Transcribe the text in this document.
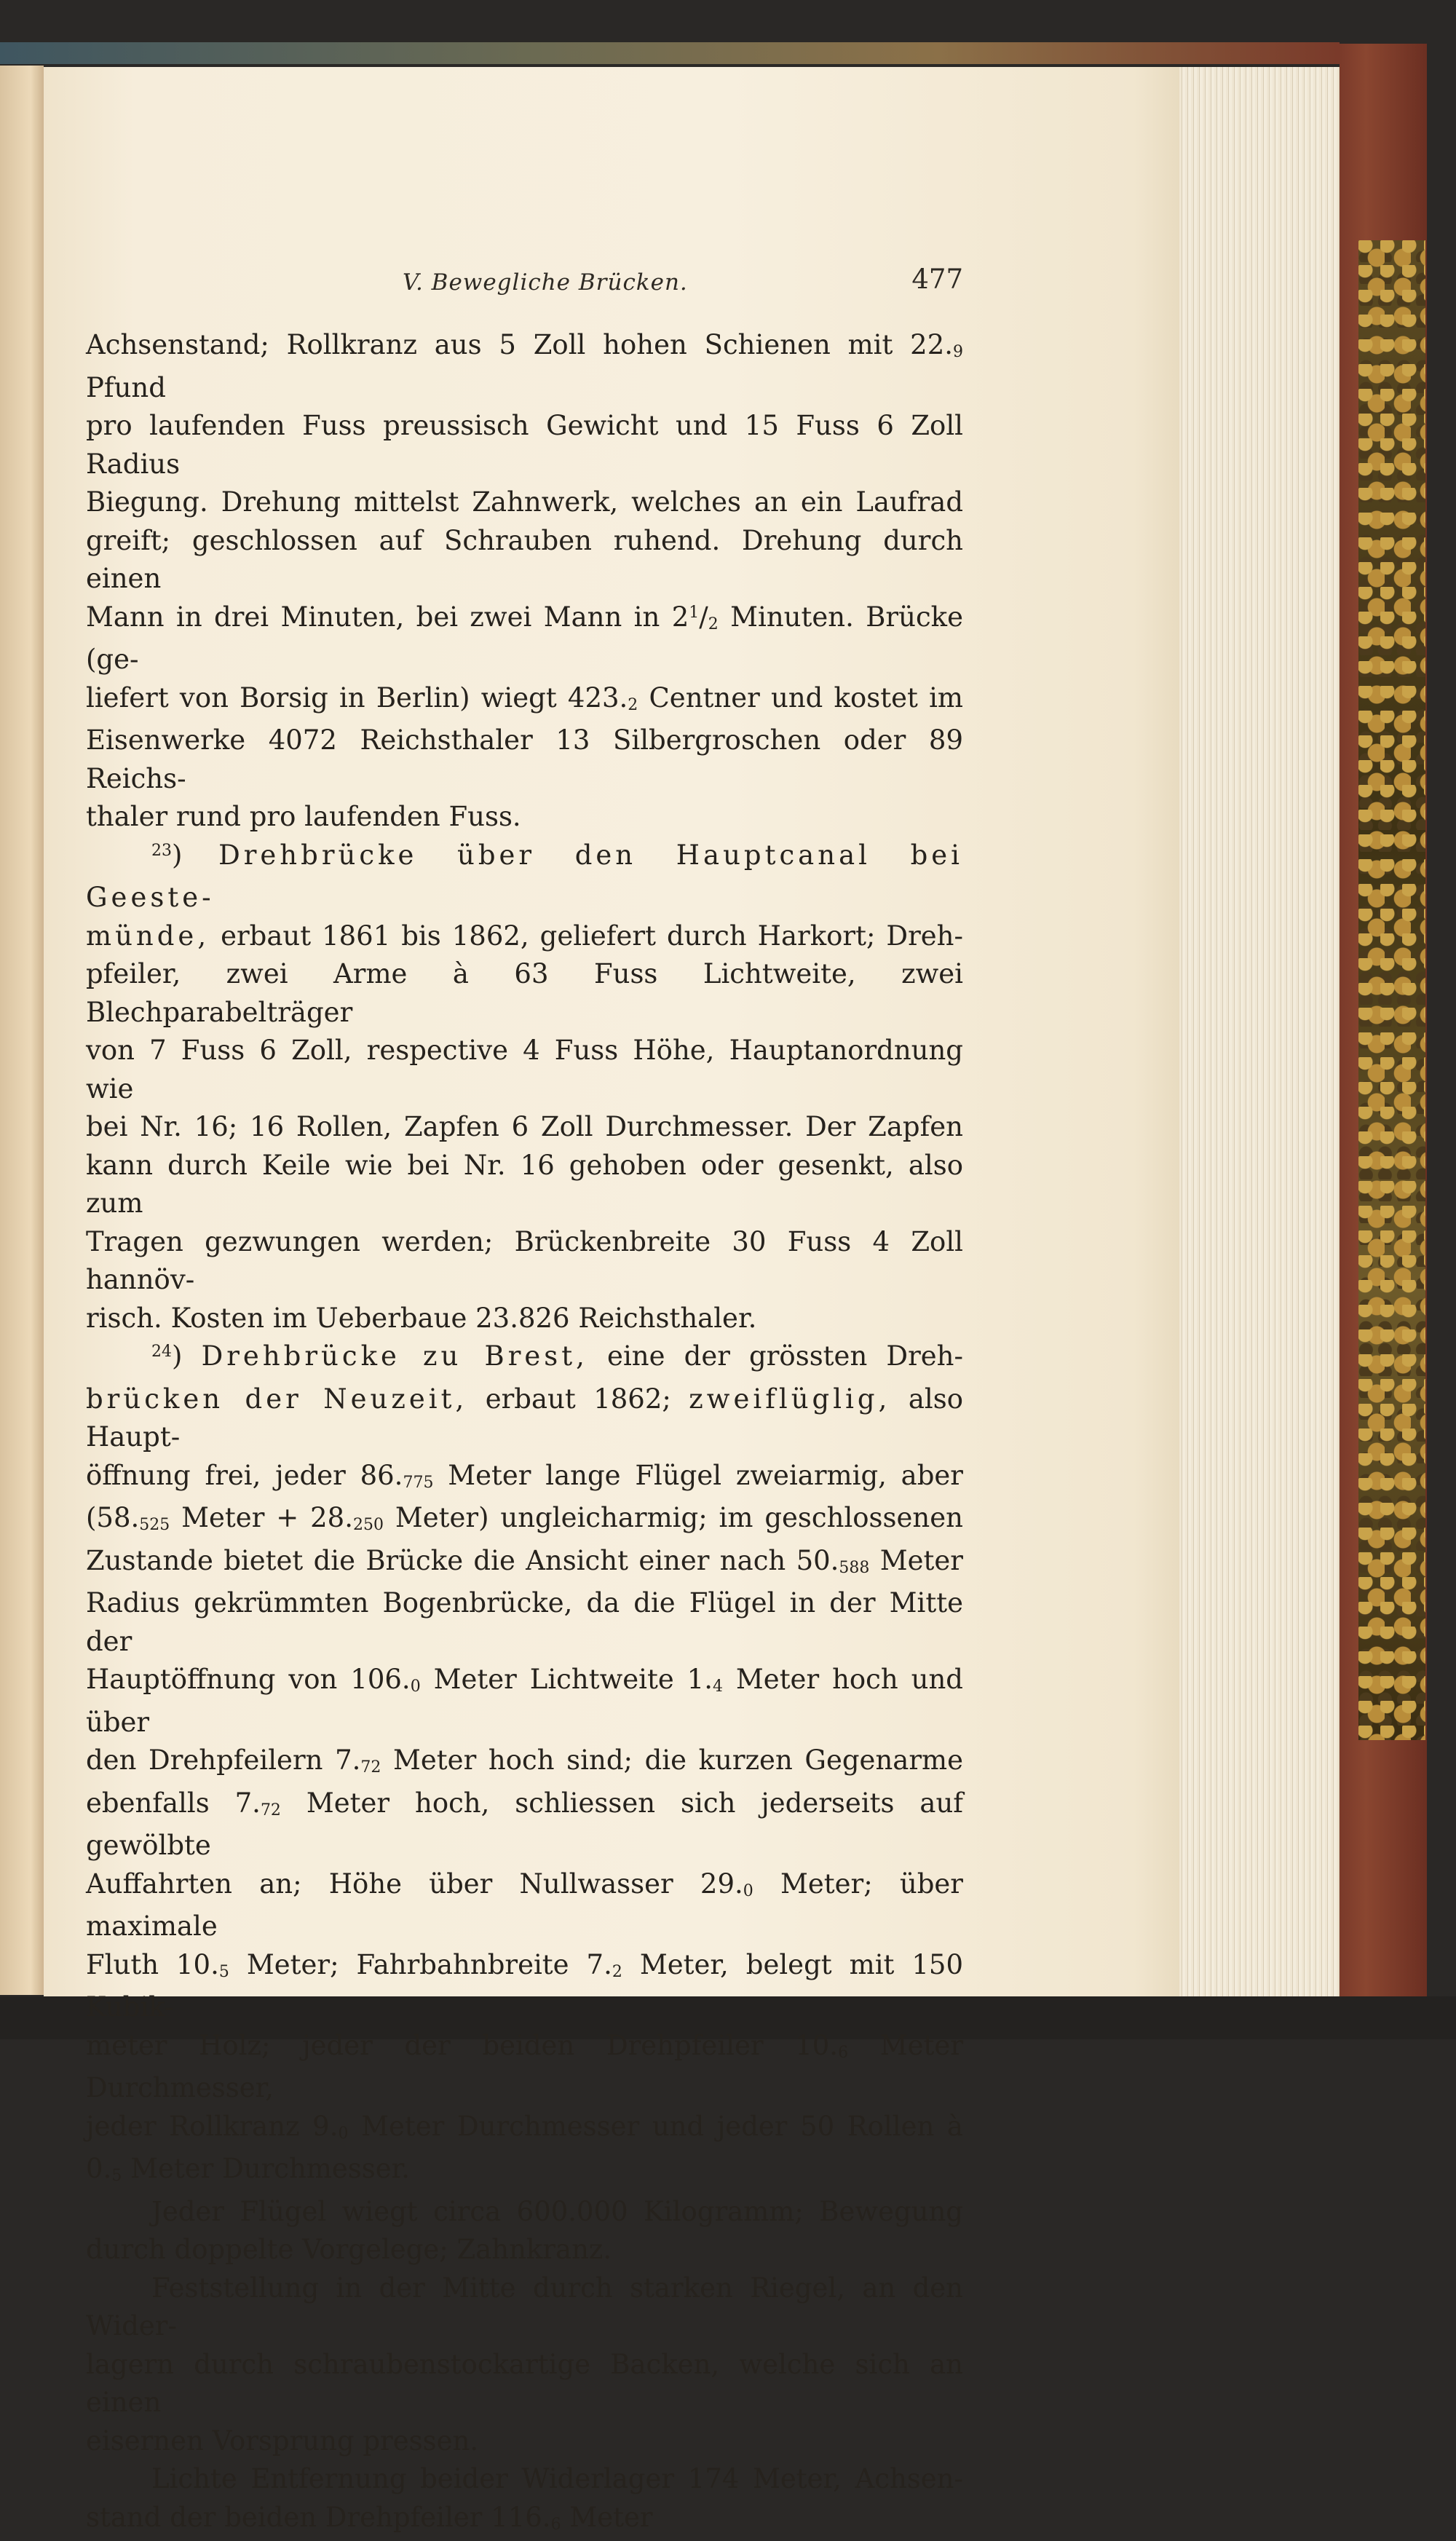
V. Bewegliche Brücken.	477

Achsenstand; Rollkranz aus 5 Zoll hohen Schienen mit $22._9$ Pfund

pro laufenden Fuss preussisch Gewicht und 15 Fuss 6 Zoll Radius

Biegung. Drehung mittelst Zahnwerk, welches an ein Laufrad

greift; geschlossen auf Schrauben ruhend. Drehung durch einen

Mann in drei Minuten, bei zwei Mann in $2^1/_2$ Minuten. Brücke (ge-

liefert von Borsig in Berlin) wiegt $423._2$ Centner und kostet im

Eisenwerke 4072 Reichsthaler 13 Silbergroschen oder 89 Reichs-

thaler rund pro laufenden Fuss.

$^{23}$) Drehbrücke über den Hauptcanal bei Geeste-

münde, erbaut 1861 bis 1862, geliefert durch Harkort; Dreh-

pfeiler, zwei Arme à 63 Fuss Lichtweite, zwei Blechparabelträger

von 7 Fuss 6 Zoll, respective 4 Fuss Höhe, Hauptanordnung wie

bei Nr. 16; 16 Rollen, Zapfen 6 Zoll Durchmesser. Der Zapfen

kann durch Keile wie bei Nr. 16 gehoben oder gesenkt, also zum

Tragen gezwungen werden; Brückenbreite 30 Fuss 4 Zoll hannöv-

risch. Kosten im Ueberbaue 23.826 Reichsthaler.

$^{24}$) Drehbrücke zu Brest, eine der grössten Dreh-

brücken der Neuzeit, erbaut 1862; zweiflüglig, also Haupt-

öffnung frei, jeder $86._{775}$ Meter lange Flügel zweiarmig, aber

($58._{525}$ Meter + $28._{250}$ Meter) ungleicharmig; im geschlossenen

Zustande bietet die Brücke die Ansicht einer nach $50._{588}$ Meter

Radius gekrümmten Bogenbrücke, da die Flügel in der Mitte der

Hauptöffnung von $106._0$ Meter Lichtweite $1._4$ Meter hoch und über

den Drehpfeilern $7._{72}$ Meter hoch sind; die kurzen Gegenarme

ebenfalls $7._{72}$ Meter hoch, schliessen sich jederseits auf gewölbte

Auffahrten an; Höhe über Nullwasser $29._0$ Meter; über maximale

Fluth $10._5$ Meter; Fahrbahnbreite $7._2$ Meter, belegt mit 150 Kubik-

meter Holz; jeder der beiden Drehpfeiler $10._6$ Meter Durchmesser,

jeder Rollkranz $9._0$ Meter Durchmesser und jeder 50 Rollen à

$0._5$ Meter Durchmesser.

Jeder Flügel wiegt circa 600.000 Kilogramm; Bewegung

durch doppelte Vorgelege; Zahnkranz.

Feststellung in der Mitte durch starken Riegel, an den Wider-

lagern durch schraubenstockartige Backen, welche sich an einen

eisernen Vorsprung pressen.

Lichte Entfernung beider Widerlager 174 Meter, Achsen-

stand der beiden Drehpfeiler $116._6$ Meter
